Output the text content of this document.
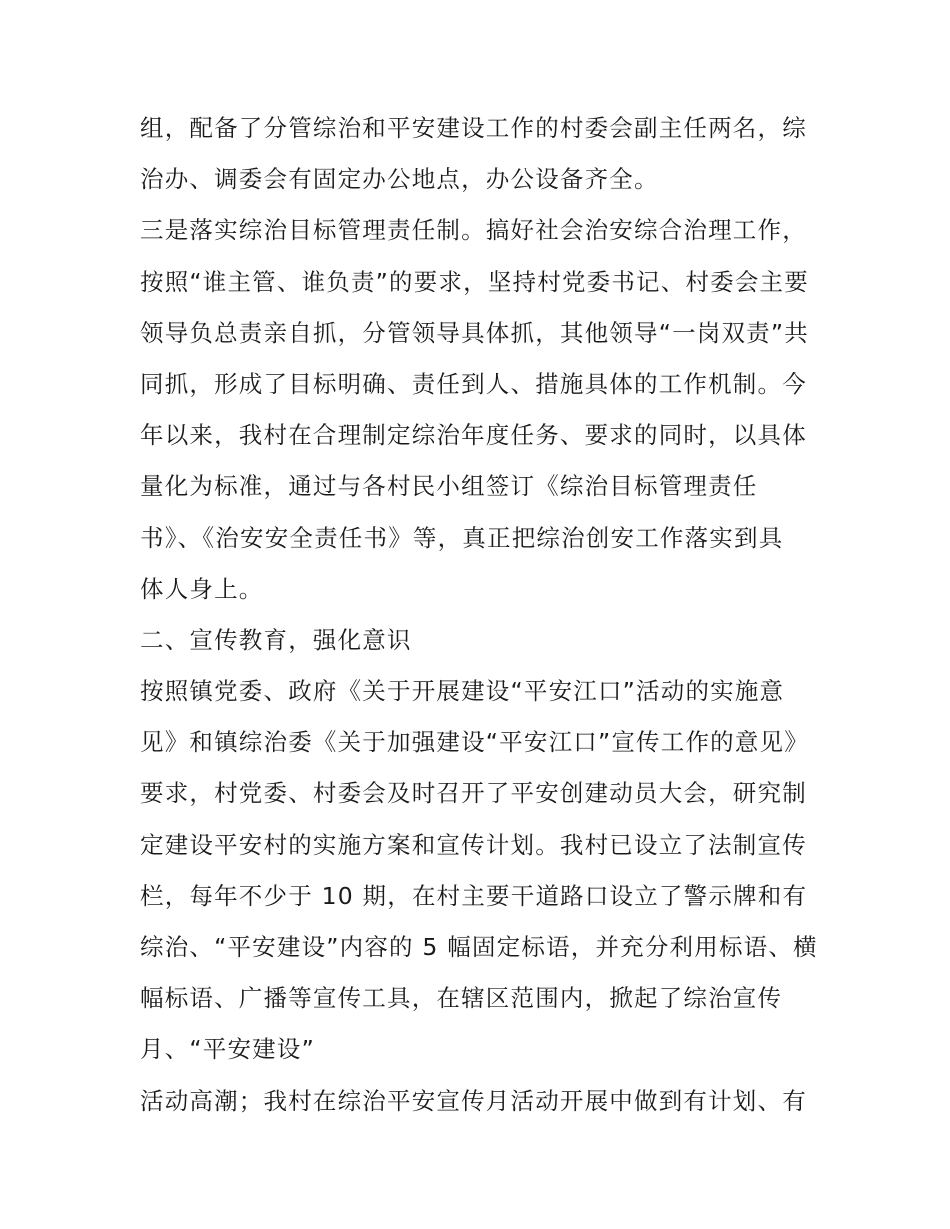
组，配备了分管综治和平安建设工作的村委会副主任两名，综
治办、调委会有固定办公地点，办公设备齐全。
三是落实综治目标管理责任制。搞好社会治安综合治理工作，
按照“谁主管、谁负责”的要求，坚持村党委书记、村委会主要
领导负总责亲自抓，分管领导具体抓，其他领导“一岗双责”共
同抓，形成了目标明确、责任到人、措施具体的工作机制。今
年以来，我村在合理制定综治年度任务、要求的同时，以具体
量化为标准，通过与各村民小组签订《综治目标管理责任
书》、《治安安全责任书》等，真正把综治创安工作落实到具
体人身上。
二、宣传教育，强化意识
按照镇党委、政府《关于开展建设“平安江口”活动的实施意
见》和镇综治委《关于加强建设“平安江口”宣传工作的意见》
要求，村党委、村委会及时召开了平安创建动员大会，研究制
定建设平安村的实施方案和宣传计划。我村已设立了法制宣传
栏，每年不少于 10 期，在村主要干道路口设立了警示牌和有
综治、“平安建设”内容的 5 幅固定标语，并充分利用标语、横
幅标语、广播等宣传工具，在辖区范围内，掀起了综治宣传
月、“平安建设”
活动高潮；我村在综治平安宣传月活动开展中做到有计划、有
